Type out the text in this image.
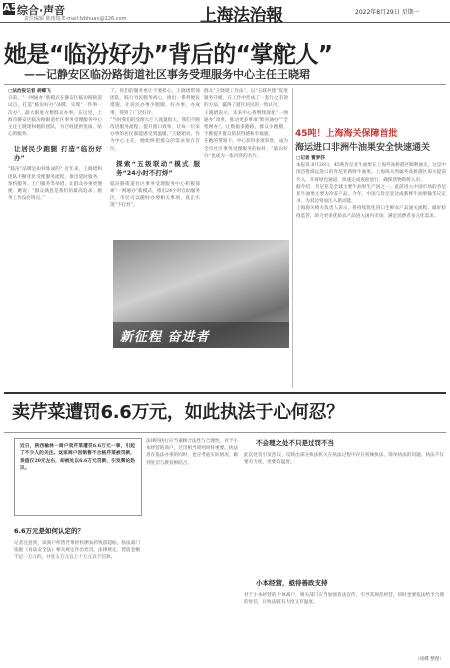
A5 综合·声音
责任编辑 陈雨瑞 E-mail:fzbhuan@126.com	上海法治報	2022年8月29日 星期一
她是“临汾好办”背后的“掌舵人”
——记静安区临汾路街道社区事务受理服务中心主任王晓珺
□法治报记者 胡蝶飞
日前，“一网通办”新模式在静安区临汾路街道试点。打造“临汾好办”品牌，实现“一件事一次办”，最大限度方便群众办事。在这里，上海市静安区临汾路街道社区事务受理服务中心主任王晓珺和她的团队，为百姓提供优质、贴心的服务。
让居民少跑腿 打造“临汾好办”
“临汾”品牌是如何炼成的？近年来，王晓珺和团队不断优化受理服务流程，推出延时服务、预约服务、上门服务等举措，让群众办事更便捷。她说：“群众满意是我们的最高追求，服务工作没有终点。”
了，你们的服务更让不要担心。王晓珺带领团队，践行为民服务初心，推出一系列便民措施，让居民办事少跑腿、好办事、办成事，得到了广泛好评。
“当时我们的受理大厅人流量很大，我们不断改进服务流程，提升窗口效率，让每一位来办事的居民都能感受到温暖。”王晓珺说，作为中心主任，她始终把群众的需求放在首位。
探索“五级联动”模式 服务“24小时不打烊”
临汾路街道社区事务受理服务中心积极探索“一网通办”新模式，推出24小时自助服务区，市民可以随时办理相关事项，真正实现“不打烊”。
群众“王晓珺工作法”。以“五联共建”促进服务升级，在工作中形成了一套行之有效的方法，赢得了辖区居民的一致认可。
王晓珺表示，未来中心将继续深化“一网通办”改革，推动更多事项“跨省通办”“全程网办”，让数据多跑路、群众少跑腿，不断提升群众的获得感和幸福感。
在她的带领下，中心获得多项荣誉，成为全市社区事务受理服务的标杆，“临汾好办”也成为一张闪亮的名片。
45吨！上海海关保障首批
海运进口非洲牛油果安全快速通关
□记者 曹梦莎
本报讯 8月26日，45吨肯尼亚牛油果在上海外高桥港区顺利通关，这是中国首批海运进口的肯尼亚新鲜牛油果。上海海关所属外高桥港区海关提前介入，开辟绿色通道，快速完成查验放行，确保货物新鲜入市。
据介绍，肯尼亚是全球主要牛油果生产国之一，此前进入中国市场的肯尼亚牛油果主要为冷冻产品。今年，中国与肯尼亚达成新鲜牛油果输华议定书，为双边贸易注入新动能。
上海海关相关负责人表示，将持续优化进口生鲜农产品通关流程，做好检疫监管，助力更多优质农产品进入国内市场，满足消费者多元化需求。
新征程 奋进者
卖芹菜遭罚6.6万元，如此执法于心何忍？
近日，陕西榆林一商户卖芹菜遭罚6.6万元一事，引起了不少人的关注。这家商户因销售不合格芹菜被罚款，货值仅20元左右，却被处以6.6万元罚款，引发舆论热议。
6.6万元是如何认定的？
记者注意到，该商户所售芹菜经检测农药残留超标，执法部门依据《食品安全法》相关规定作出处罚。法律规定，货值金额不足一万元的，并处五万元以上十万元以下罚款。
法律的执行应当兼顾合法性与合理性。对于小本经营的商户，过罚相当原则同样重要。执法者在依法办事的同时，也应考虑实际情况，做到处罚与教育相结合。
不会理之处不只是过罚不当
此次处罚引发热议，反映出部分执法机关在执法过程中存在机械执法、简单执法的问题。执法不仅要有力度，更要有温度。
小本经营，亟待善政支持
对于小本经营的个体商户，相关部门应当加强普法宣传，引导其规范经营，同时也要依法给予合理的处罚，让执法既有力度又有温度。
（胡蝶 整理）
